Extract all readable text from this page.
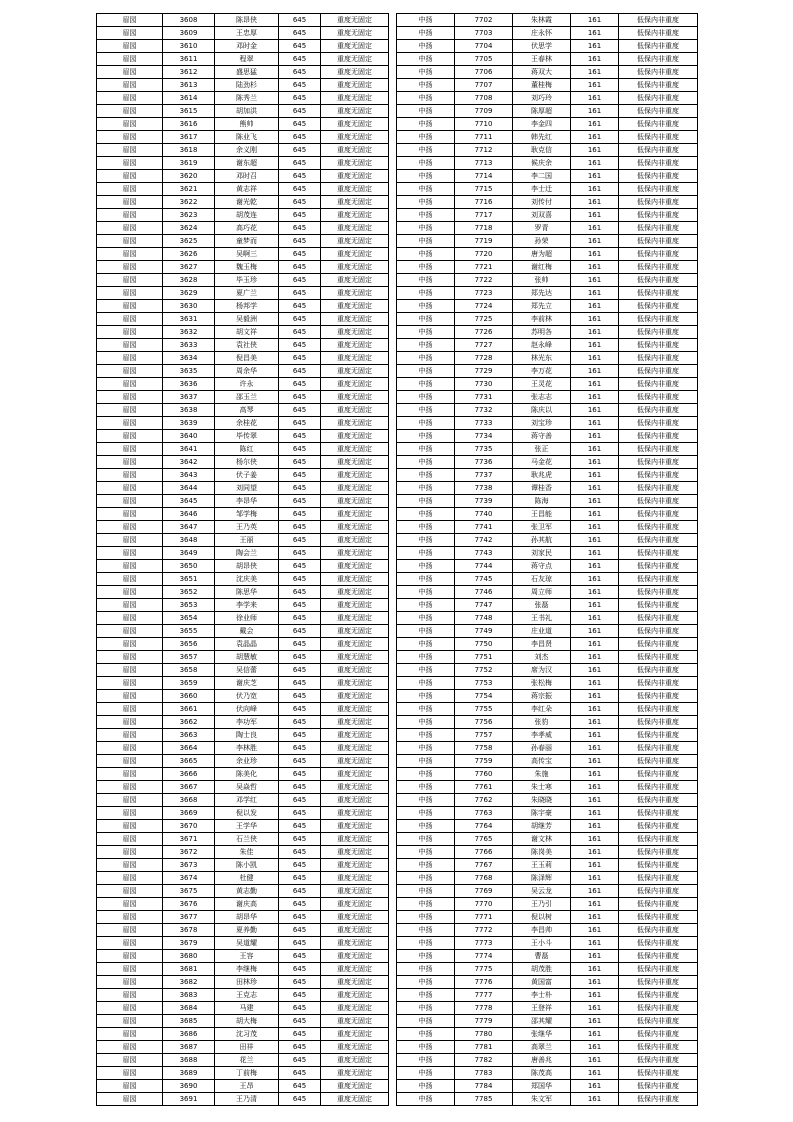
眉园	3608	陈昂侠	645	重度无固定
眉园	3609	王忠厚	645	重度无固定
眉园	3610	邓时金	645	重度无固定
眉园	3611	程翠	645	重度无固定
眉园	3612	盛思猛	645	重度无固定
眉园	3613	陆劲杉	645	重度无固定
眉园	3614	陈秀兰	645	重度无固定
眉园	3615	胡加洪	645	重度无固定
眉园	3616	熊帅	645	重度无固定
眉园	3617	陈业飞	645	重度无固定
眉园	3618	余义刚	645	重度无固定
眉园	3619	谢东超	645	重度无固定
眉园	3620	邓时召	645	重度无固定
眉园	3621	黄志祥	645	重度无固定
眉园	3622	谢光乾	645	重度无固定
眉园	3623	胡茂连	645	重度无固定
眉园	3624	高巧花	645	重度无固定
眉园	3625	童梦而	645	重度无固定
眉园	3626	吴啊三	645	重度无固定
眉园	3627	魏玉梅	645	重度无固定
眉园	3628	毕玉珍	645	重度无固定
眉园	3629	夏广兰	645	重度无固定
眉园	3630	杨邦学	645	重度无固定
眉园	3631	吴毅洲	645	重度无固定
眉园	3632	胡文祥	645	重度无固定
眉园	3633	袁社侠	645	重度无固定
眉园	3634	倪昌美	645	重度无固定
眉园	3635	周余华	645	重度无固定
眉园	3636	许永	645	重度无固定
眉园	3637	邵玉兰	645	重度无固定
眉园	3638	高琴	645	重度无固定
眉园	3639	余桂花	645	重度无固定
眉园	3640	毕传翠	645	重度无固定
眉园	3641	陈红	645	重度无固定
眉园	3642	杨尔侠	645	重度无固定
眉园	3643	伏子姜	645	重度无固定
眉园	3644	刘同望	645	重度无固定
眉园	3645	李昂华	645	重度无固定
眉园	3646	邹学梅	645	重度无固定
眉园	3647	王乃英	645	重度无固定
眉园	3648	王丽	645	重度无固定
眉园	3649	陶会兰	645	重度无固定
眉园	3650	胡昂侠	645	重度无固定
眉园	3651	沈庆美	645	重度无固定
眉园	3652	陈思华	645	重度无固定
眉园	3653	李学来	645	重度无固定
眉园	3654	徐业师	645	重度无固定
眉园	3655	戴会	645	重度无固定
眉园	3656	袁晶晶	645	重度无固定
眉园	3657	胡慧敏	645	重度无固定
眉园	3658	吴信蕾	645	重度无固定
眉园	3659	谢庆芝	645	重度无固定
眉园	3660	伏乃宽	645	重度无固定
眉园	3661	伏向峰	645	重度无固定
眉园	3662	李功军	645	重度无固定
眉园	3663	陶士良	645	重度无固定
眉园	3664	李林胜	645	重度无固定
眉园	3665	余业珍	645	重度无固定
眉园	3666	陈美化	645	重度无固定
眉园	3667	吴焱哲	645	重度无固定
眉园	3668	邓学红	645	重度无固定
眉园	3669	倪以发	645	重度无固定
眉园	3670	王学华	645	重度无固定
眉园	3671	石兰侠	645	重度无固定
眉园	3672	朱佳	645	重度无固定
眉园	3673	陈小凯	645	重度无固定
眉园	3674	杜健	645	重度无固定
眉园	3675	黄志勤	645	重度无固定
眉园	3676	谢庆高	645	重度无固定
眉园	3677	胡昂华	645	重度无固定
眉园	3678	夏养勤	645	重度无固定
眉园	3679	吴道耀	645	重度无固定
眉园	3680	王容	645	重度无固定
眉园	3681	李继梅	645	重度无固定
眉园	3682	田林珍	645	重度无固定
眉园	3683	王克志	645	重度无固定
眉园	3684	马建	645	重度无固定
眉园	3685	胡大梅	645	重度无固定
眉园	3686	沈习茂	645	重度无固定
眉园	3687	田祥	645	重度无固定
眉园	3688	花兰	645	重度无固定
眉园	3689	丁前梅	645	重度无固定
眉园	3690	王昂	645	重度无固定
眉园	3691	王乃清	645	重度无固定
中扬	7702	朱林霞	161	低保内非重度
中扬	7703	庄永怀	161	低保内非重度
中扬	7704	伏思学	161	低保内非重度
中扬	7705	王春林	161	低保内非重度
中扬	7706	蒋双大	161	低保内非重度
中扬	7707	董桂梅	161	低保内非重度
中扬	7708	刘巧玲	161	低保内非重度
中扬	7709	陈厚超	161	低保内非重度
中扬	7710	李金四	161	低保内非重度
中扬	7711	韩先红	161	低保内非重度
中扬	7712	耿克信	161	低保内非重度
中扬	7713	候庆余	161	低保内非重度
中扬	7714	李二国	161	低保内非重度
中扬	7715	李士迁	161	低保内非重度
中扬	7716	刘传付	161	低保内非重度
中扬	7717	刘双喜	161	低保内非重度
中扬	7718	罗青	161	低保内非重度
中扬	7719	孙荣	161	低保内非重度
中扬	7720	唐为超	161	低保内非重度
中扬	7721	谢红梅	161	低保内非重度
中扬	7722	张帅	161	低保内非重度
中扬	7723	郑先达	161	低保内非重度
中扬	7724	郑先立	161	低保内非重度
中扬	7725	李前林	161	低保内非重度
中扬	7726	苏明各	161	低保内非重度
中扬	7727	赵永峰	161	低保内非重度
中扬	7728	林光东	161	低保内非重度
中扬	7729	李万花	161	低保内非重度
中扬	7730	王灵花	161	低保内非重度
中扬	7731	张志志	161	低保内非重度
中扬	7732	陈庆以	161	低保内非重度
中扬	7733	刘宝珍	161	低保内非重度
中扬	7734	蒋守善	161	低保内非重度
中扬	7735	张正	161	低保内非重度
中扬	7736	马金花	161	低保内非重度
中扬	7737	耿兆虎	161	低保内非重度
中扬	7738	谭桂香	161	低保内非重度
中扬	7739	陈海	161	低保内非重度
中扬	7740	王昌能	161	低保内非重度
中扬	7741	张卫军	161	低保内非重度
中扬	7742	孙其航	161	低保内非重度
中扬	7743	刘家民	161	低保内非重度
中扬	7744	蒋守点	161	低保内非重度
中扬	7745	石友琼	161	低保内非重度
中扬	7746	周立师	161	低保内非重度
中扬	7747	张磊	161	低保内非重度
中扬	7748	王书礼	161	低保内非重度
中扬	7749	庄业道	161	低保内非重度
中扬	7750	李昌贤	161	低保内非重度
中扬	7751	刘杰	161	低保内非重度
中扬	7752	席为汉	161	低保内非重度
中扬	7753	张松梅	161	低保内非重度
中扬	7754	蒋宗振	161	低保内非重度
中扬	7755	李红朵	161	低保内非重度
中扬	7756	张豹	161	低保内非重度
中扬	7757	李孝威	161	低保内非重度
中扬	7758	孙春丽	161	低保内非重度
中扬	7759	高传宝	161	低保内非重度
中扬	7760	朱施	161	低保内非重度
中扬	7761	朱士寒	161	低保内非重度
中扬	7762	朱晓晓	161	低保内非重度
中扬	7763	陈宇豪	161	低保内非重度
中扬	7764	胡继芳	161	低保内非重度
中扬	7765	谢文林	161	低保内非重度
中扬	7766	陈岗美	161	低保内非重度
中扬	7767	王玉莉	161	低保内非重度
中扬	7768	陈泽辉	161	低保内非重度
中扬	7769	吴云龙	161	低保内非重度
中扬	7770	王乃引	161	低保内非重度
中扬	7771	倪以树	161	低保内非重度
中扬	7772	李昌帅	161	低保内非重度
中扬	7773	王小斗	161	低保内非重度
中扬	7774	曹磊	161	低保内非重度
中扬	7775	胡茂胜	161	低保内非重度
中扬	7776	黄国富	161	低保内非重度
中扬	7777	李士朴	161	低保内非重度
中扬	7778	王登祥	161	低保内非重度
中扬	7779	邵其耀	161	低保内非重度
中扬	7780	张继华	161	低保内非重度
中扬	7781	高翠兰	161	低保内非重度
中扬	7782	唐善兆	161	低保内非重度
中扬	7783	陈茂高	161	低保内非重度
中扬	7784	郑国华	161	低保内非重度
中扬	7785	朱文军	161	低保内非重度
